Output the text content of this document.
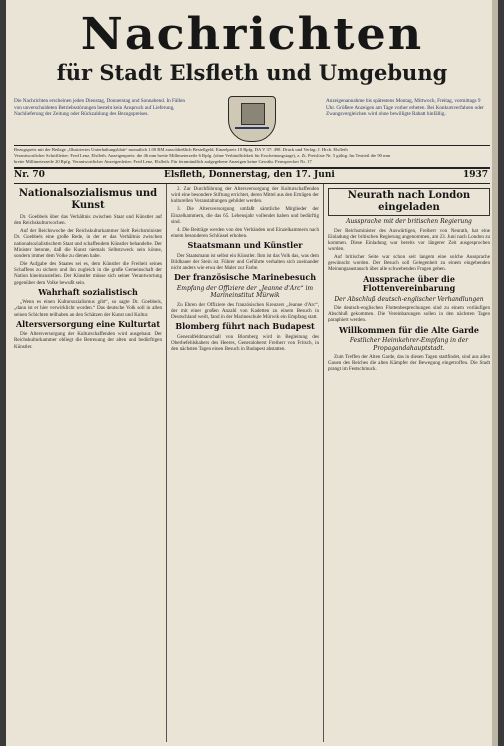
Nachrichten
für Stadt Elsfleth und Umgebung
Die Nachrichten erscheinen jeden Dienstag, Donnerstag und Sonnabend. In Fällen von unverschuldeten Betriebsstörungen besteht kein Anspruch auf Lieferung, Nachlieferung der Zeitung oder Rückzahlung des Bezugspreises.
Anzeigenannahme bis spätestens Montag, Mittwoch, Freitag, vormittags 9 Uhr. Größere Anzeigen am Tage vorher erbeten. Bei Konkursverfahren oder Zwangsvergleichen wird ohne bewilligte Rabatt hinfällig.
Bezugspreis mit der Beilage „Illustriertes Unterhaltungsblatt“ monatlich 1.00 RM ausschließlich Bestellgeld. Einzelpreis 10 Rpfg. DA V 37: 498. Druck und Verlag: J. Hrch. Elsfleth
Verantwortlicher Schriftleiter: Fred Lenz, Elsfleth. Anzeigenpreis: die 46 mm breite Millimeterzeile 6 Rpfg. (ohne Verbindlichkeit für Erscheinungstage), z. Zt. Preisliste Nr. 5 gültig. Im Textteil die 90 mm
breite Millimeterzeile 20 Rpfg. Verantwortlicher Anzeigenleiter: Fred Lenz, Elsfleth. Für fernmündlich aufgegebene Anzeigen keine Gewähr. Fernsprecher Nr. 17
Nr. 70	Elsfleth, Donnerstag, den 17. Juni	1937
Nationalsozialismus und Kunst
Dr. Goebbels über das Verhältnis zwischen Staat und Künstler auf den Reichskulturwochen.
Auf der Reichswoche der Reichskulturkammer hielt Reichsminister Dr. Goebbels eine große Rede, in der er das Verhältnis zwischen nationalsozialistischem Staat und schaffendem Künstler behandelte. Der Minister betonte, daß die Kunst niemals Selbstzweck sein könne, sondern immer dem Volke zu dienen habe.
Die Aufgabe des Staates sei es, dem Künstler die Freiheit seines Schaffens zu sichern und ihn zugleich in die große Gemeinschaft der Nation hineinzustellen. Der Künstler müsse sich seiner Verantwortung gegenüber dem Volke bewußt sein.
Wahrhaft sozialistisch
„Wenn es einen Kultursozialismus gibt“, so sagte Dr. Goebbels, „dann ist er hier verwirklicht worden.“ Das deutsche Volk soll in allen seinen Schichten teilhaben an den Schätzen der Kunst und Kultur.
Altersversorgung eine Kulturtat
Die Altersversorgung der Kulturschaffenden wird ausgebaut. Der Reichskulturkammer obliegt die Betreuung der alten und bedürftigen Künstler.
2. Zur Durchführung der Altersversorgung der Kulturschaffenden wird eine besondere Stiftung errichtet, deren Mittel aus den Erträgen der kulturellen Veranstaltungen gebildet werden.
3. Die Altersversorgung umfaßt sämtliche Mitglieder der Einzelkammern, die das 65. Lebensjahr vollendet haben und bedürftig sind.
4. Die Beiträge werden von den Verbänden und Einzelkammern nach einem besonderen Schlüssel erhoben.
Staatsmann und Künstler
Der Staatsmann ist selbst ein Künstler. Ihm ist das Volk das, was dem Bildhauer der Stein ist. Führer und Geführte verhalten sich zueinander nicht anders wie etwa der Maler zur Farbe.
Der französische Marinebesuch
Empfang der Offiziere der „Jeanne d'Arc“ im Marineinstitut Mürwik
Zu Ehren der Offiziere des französischen Kreuzers „Jeanne d'Arc“, der mit einer großen Anzahl von Kadetten zu einem Besuch in Deutschland weilt, fand in der Marineschule Mürwik ein Empfang statt.
Blomberg führt nach Budapest
Generalfeldmarschall von Blomberg wird in Begleitung des Oberbefehlshabers des Heeres, Generaloberst Freiherr von Fritsch, in den nächsten Tagen einen Besuch in Budapest abstatten.
Neurath nach London eingeladen
Aussprache mit der britischen Regierung
Der Reichsminister des Auswärtigen, Freiherr von Neurath, hat eine Einladung der britischen Regierung angenommen, am 23. Juni nach London zu kommen. Diese Einladung war bereits vor längerer Zeit ausgesprochen worden.
Auf britischer Seite war schon seit langem eine solche Aussprache gewünscht worden. Der Besuch soll Gelegenheit zu einem eingehenden Meinungsaustausch über alle schwebenden Fragen geben.
Aussprache über die Flottenvereinbarung
Der Abschluß deutsch-englischer Verhandlungen
Die deutsch-englischen Flottenbesprechungen sind zu einem vorläufigen Abschluß gekommen. Die Vereinbarungen sollen in den nächsten Tagen paraphiert werden.
Willkommen für die Alte Garde
Festlicher Heimkehrer-Empfang in der Propagandahauptstadt.
Zum Treffen der Alten Garde, das in diesen Tagen stattfindet, sind aus allen Gauen des Reiches die alten Kämpfer der Bewegung eingetroffen. Die Stadt prangt im Festschmuck.
